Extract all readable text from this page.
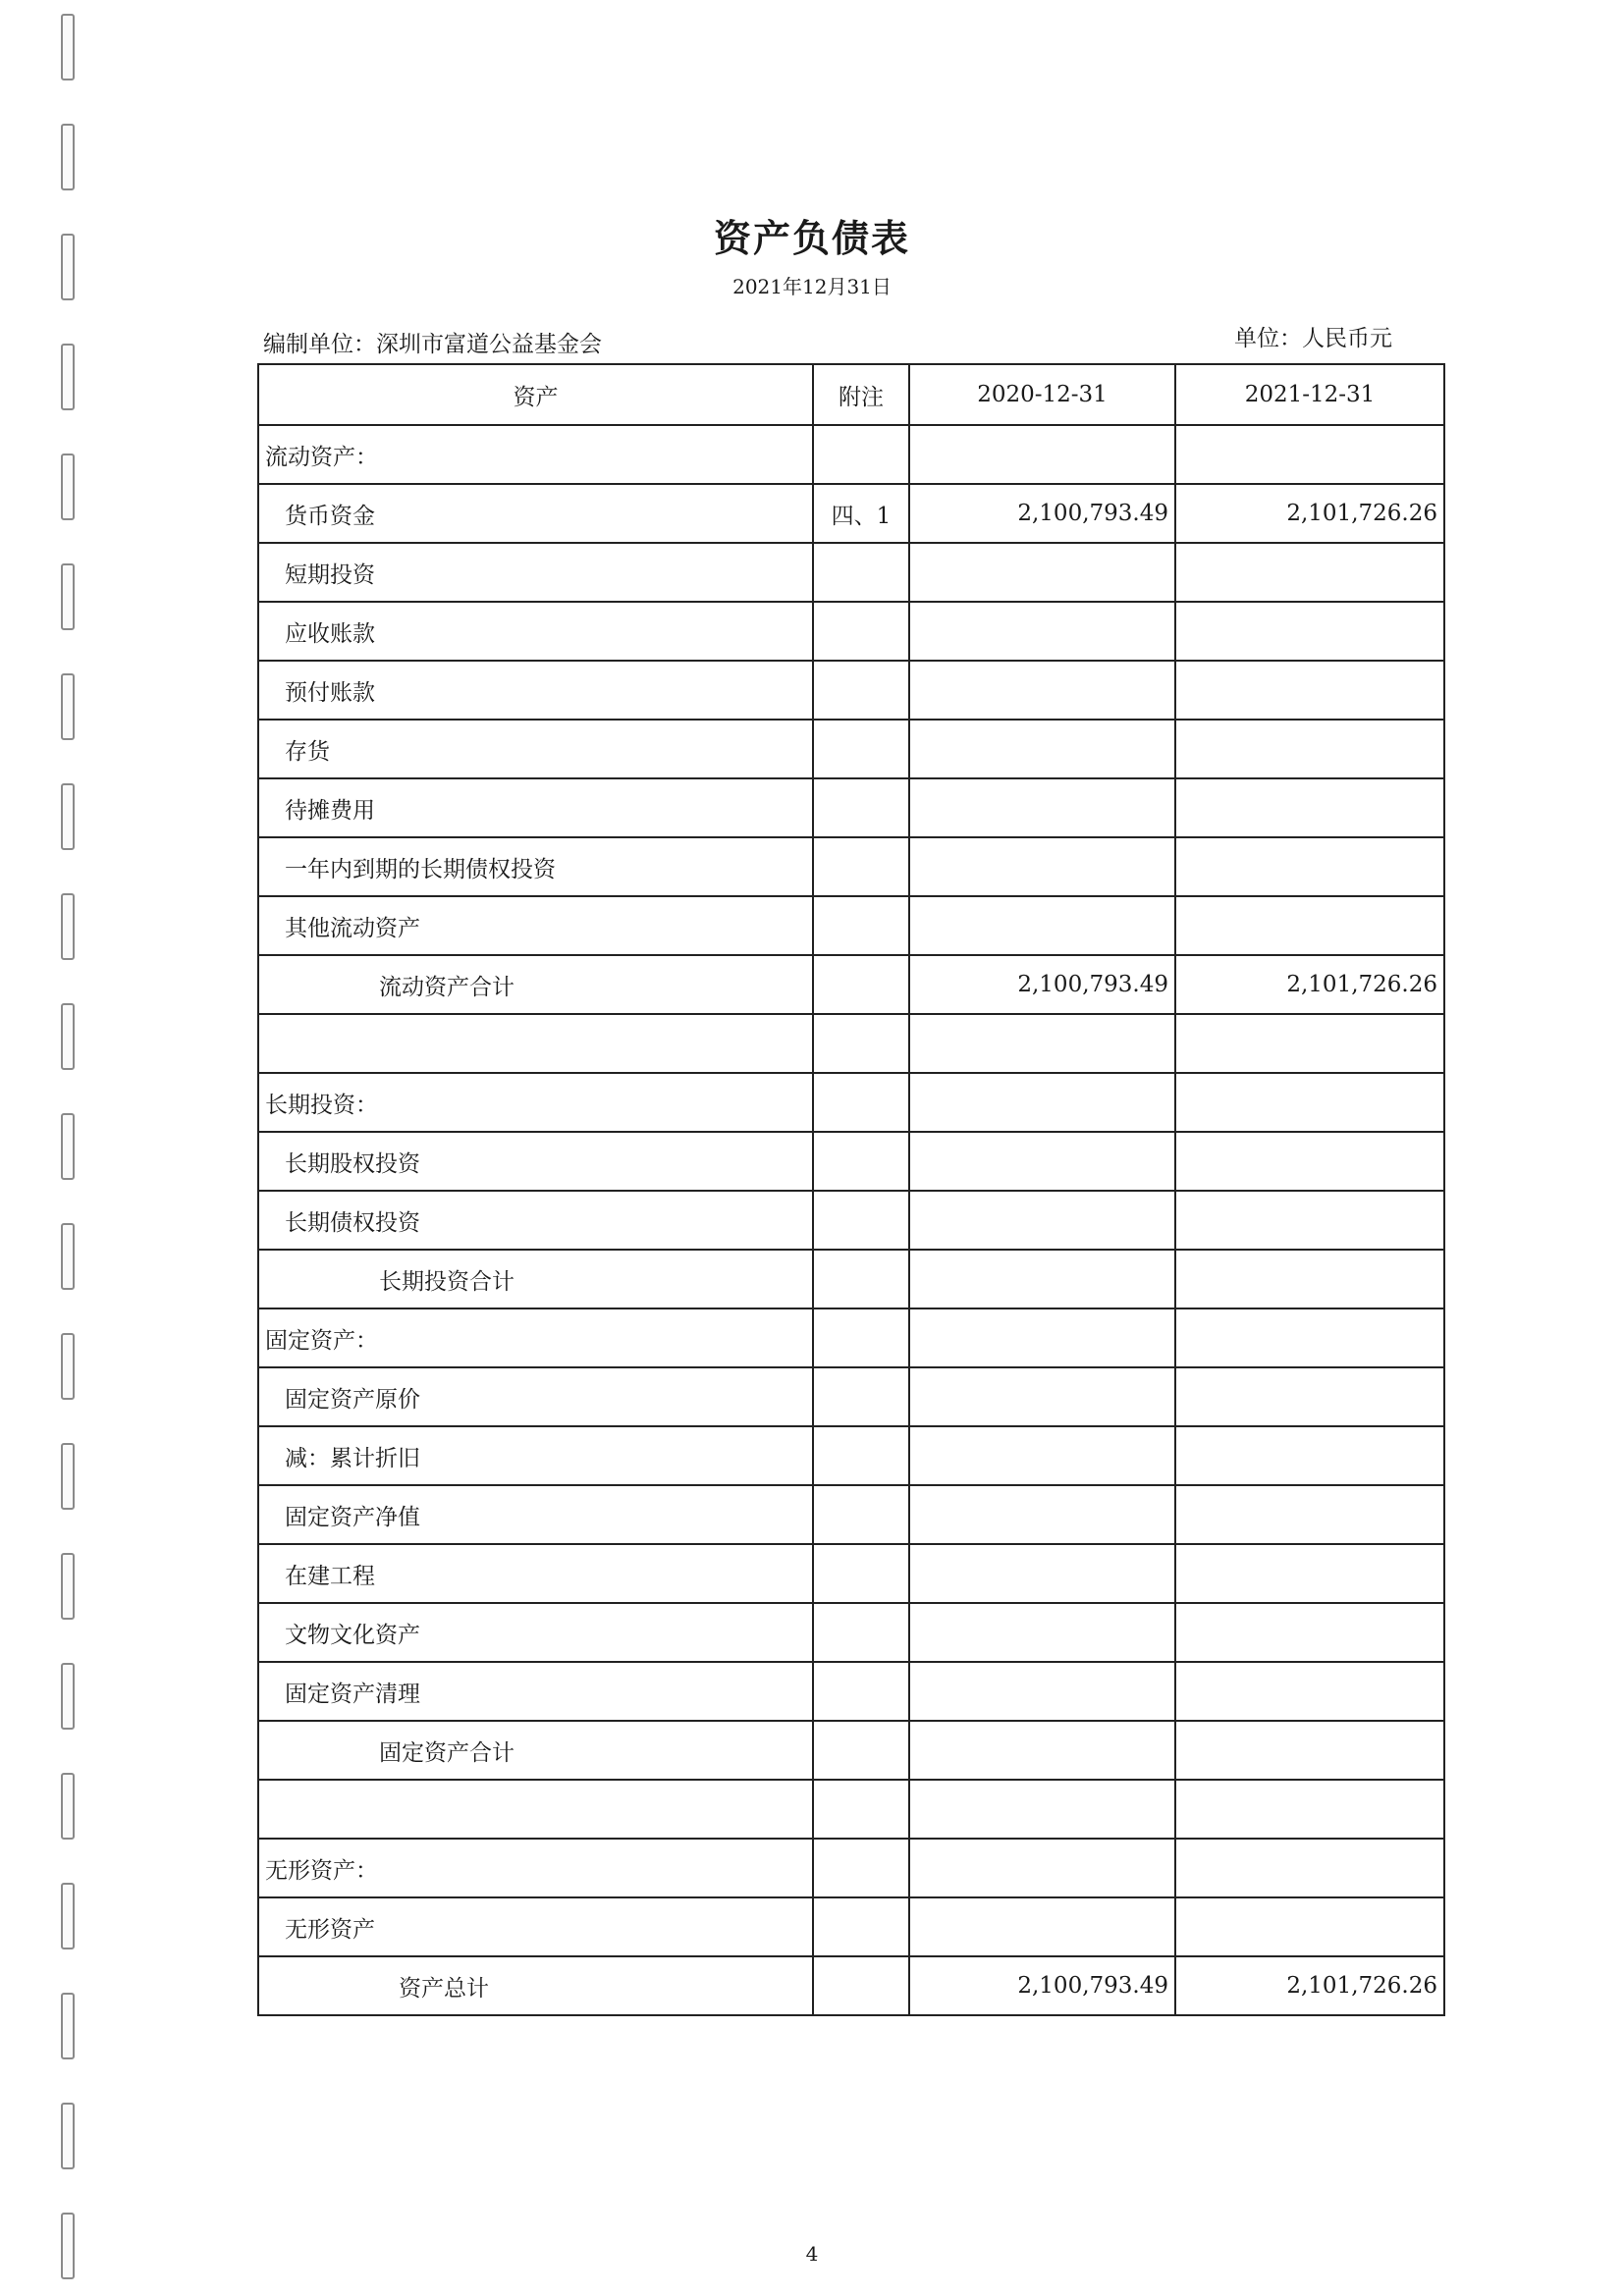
资产负债表
2021年12月31日
编制单位：深圳市富道公益基金会	单位：人民币元
资产	附注	2020-12-31	2021-12-31
流动资产：			
货币资金	四、1	2,100,793.49	2,101,726.26
短期投资			
应收账款			
预付账款			
存货			
待摊费用			
一年内到期的长期债权投资			
其他流动资产			
流动资产合计		2,100,793.49	2,101,726.26

长期投资：			
长期股权投资			
长期债权投资			
长期投资合计			
固定资产：			
固定资产原价			
减：累计折旧			
固定资产净值			
在建工程			
文物文化资产			
固定资产清理			
固定资产合计			

无形资产：			
无形资产			
资产总计		2,100,793.49	2,101,726.26
4
